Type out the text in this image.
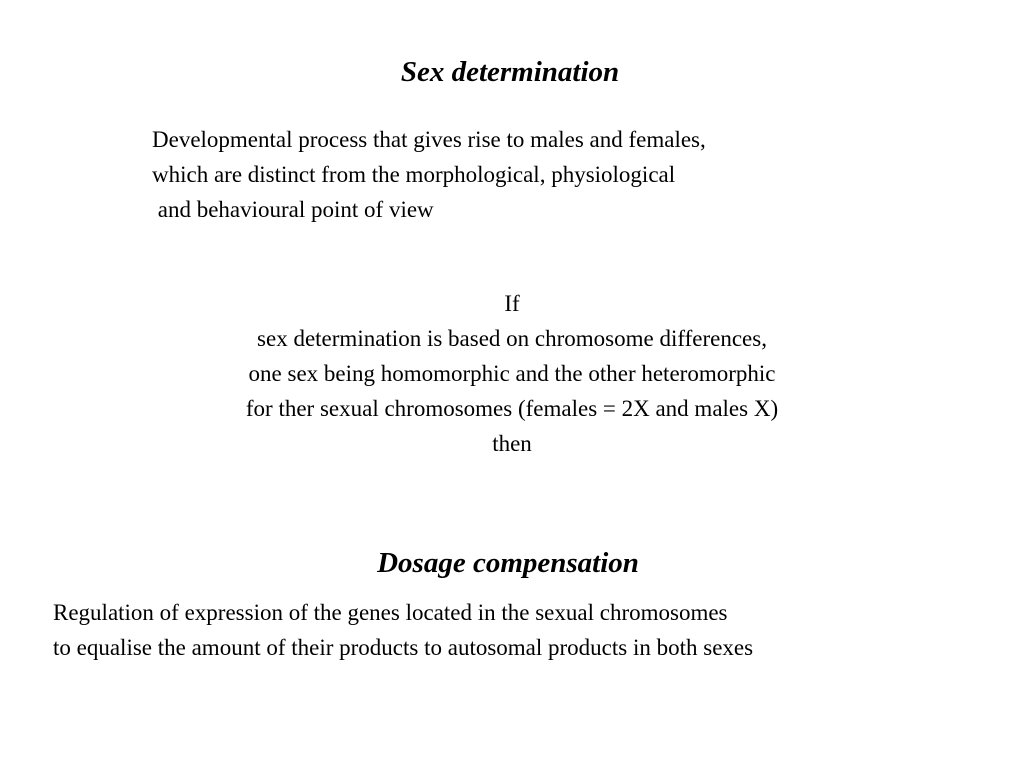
Sex determination
Developmental process that gives rise to males and females,
which are distinct from the morphological, physiological
and behavioural point of view
If
sex determination is based on chromosome differences,
one sex being homomorphic and the other heteromorphic
for ther sexual chromosomes (females = 2X and males X)
then
Dosage compensation
Regulation of expression of the genes located in the sexual chromosomes
to equalise the amount of their products to autosomal products in both sexes
